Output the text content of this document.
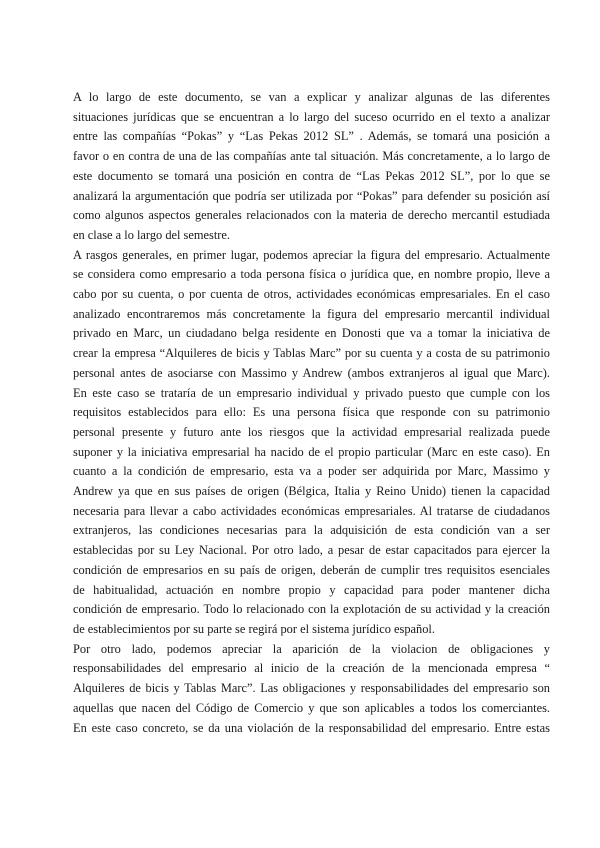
A lo largo de este documento, se van a explicar y analizar algunas de las diferentes
situaciones jurídicas que se encuentran a lo largo del suceso ocurrido en el texto a analizar
entre las compañías “Pokas” y “Las Pekas 2012 SL” . Además, se tomará una posición a
favor o en contra de una de las compañías ante tal situación. Más concretamente, a lo largo de
este documento se tomará una posición en contra de “Las Pekas 2012 SL”, por lo que se
analizará la argumentación que podría ser utilizada por “Pokas” para defender su posición así
como algunos aspectos generales relacionados con la materia de derecho mercantil estudiada
en clase a lo largo del semestre.
A rasgos generales, en primer lugar, podemos apreciar la figura del empresario. Actualmente
se considera como empresario a toda persona física o jurídica que, en nombre propio, lleve a
cabo por su cuenta, o por cuenta de otros, actividades económicas empresariales. En el caso
analizado encontraremos más concretamente la figura del empresario mercantil individual
privado en Marc, un ciudadano belga residente en Donosti que va a tomar la iniciativa de
crear la empresa “Alquileres de bicis y Tablas Marc” por su cuenta y a costa de su patrimonio
personal antes de asociarse con Massimo y Andrew (ambos extranjeros al igual que Marc).
En este caso se trataría de un empresario individual y privado puesto que cumple con los
requisitos establecidos para ello: Es una persona física que responde con su patrimonio
personal presente y futuro ante los riesgos que la actividad empresarial realizada puede
suponer y la iniciativa empresarial ha nacido de el propio particular (Marc en este caso). En
cuanto a la condición de empresario, esta va a poder ser adquirida por Marc, Massimo y
Andrew ya que en sus países de origen (Bélgica, Italia y Reino Unido) tienen la capacidad
necesaria para llevar a cabo actividades económicas empresariales. Al tratarse de ciudadanos
extranjeros, las condiciones necesarias para la adquisición de esta condición van a ser
establecidas por su Ley Nacional. Por otro lado, a pesar de estar capacitados para ejercer la
condición de empresarios en su país de origen, deberán de cumplir tres requisitos esenciales
de habitualidad, actuación en nombre propio y capacidad para poder mantener dicha
condición de empresario. Todo lo relacionado con la explotación de su actividad y la creación
de establecimientos por su parte se regirá por el sistema jurídico español.
Por otro lado, podemos apreciar la aparición de la violacion de obligaciones y
responsabilidades del empresario al inicio de la creación de la mencionada empresa “
Alquileres de bicis y Tablas Marc”. Las obligaciones y responsabilidades del empresario son
aquellas que nacen del Código de Comercio y que son aplicables a todos los comerciantes.
En este caso concreto, se da una violación de la responsabilidad del empresario. Entre estas
